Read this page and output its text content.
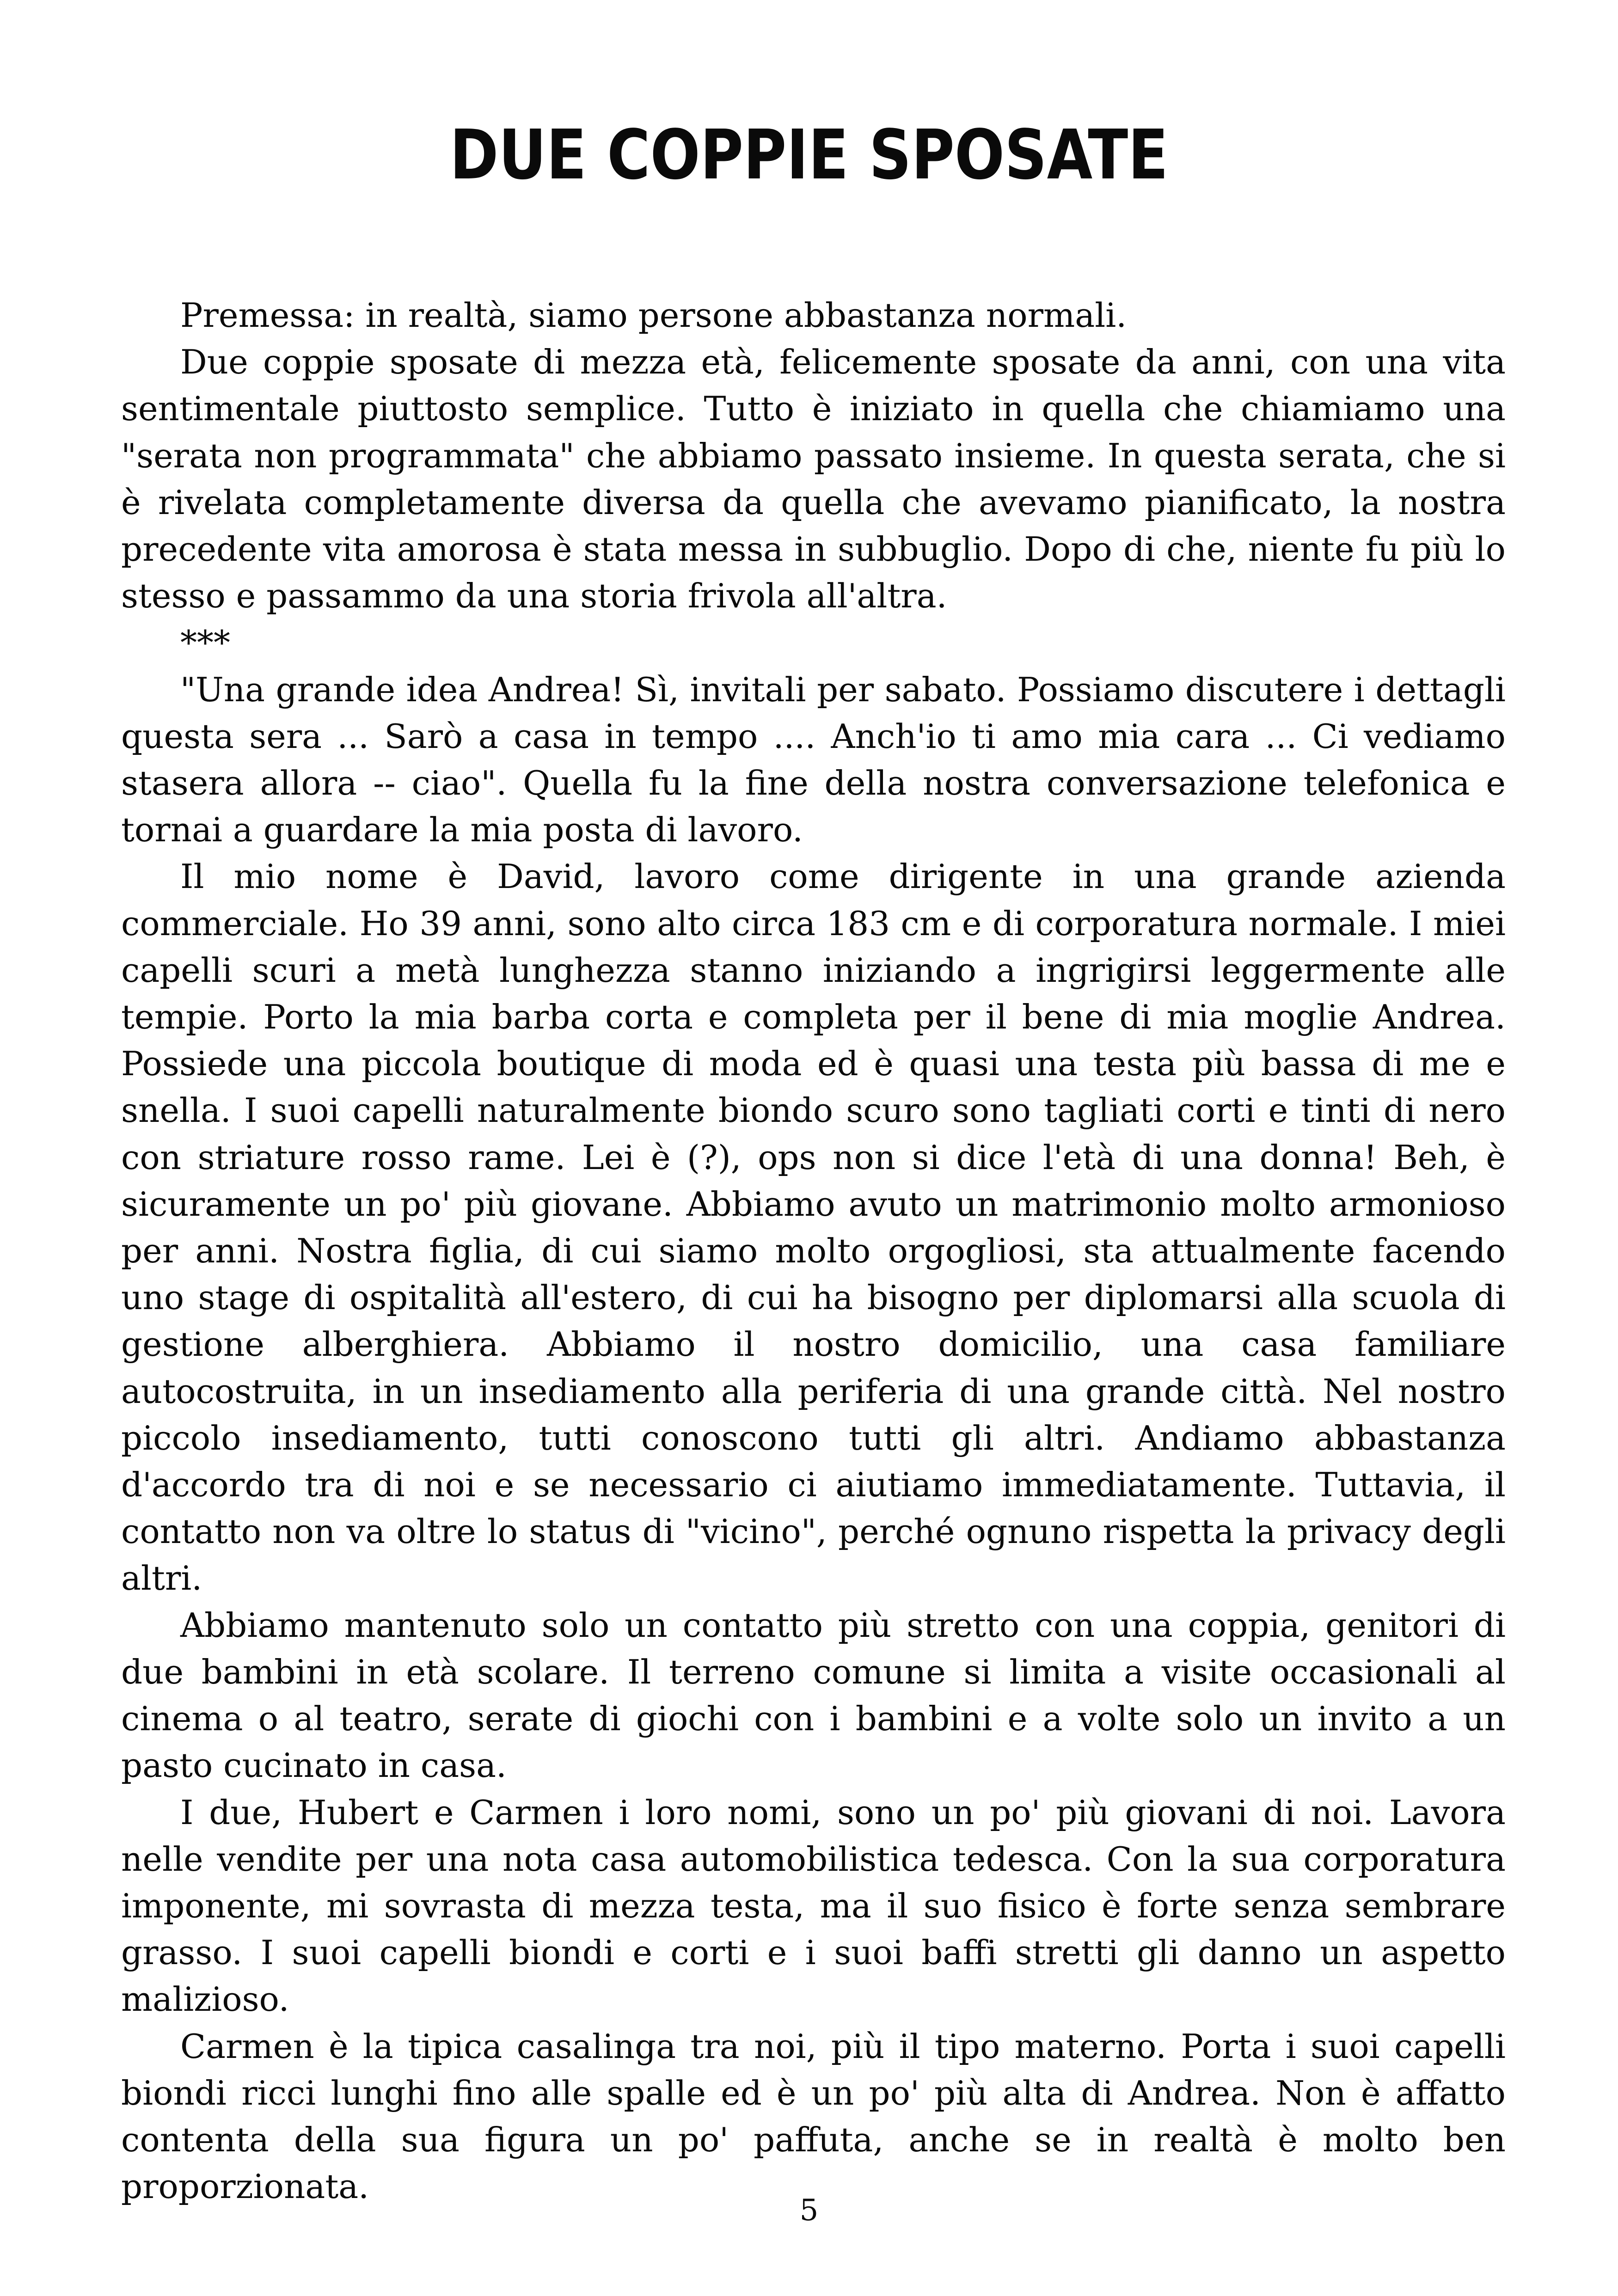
DUE COPPIE SPOSATE

Premessa: in realtà, siamo persone abbastanza normali.

Due coppie sposate di mezza età, felicemente sposate da anni, con una vita sentimentale piuttosto semplice. Tutto è iniziato in quella che chiamiamo una "serata non programmata" che abbiamo passato insieme. In questa serata, che si è rivelata completamente diversa da quella che avevamo pianificato, la nostra precedente vita amorosa è stata messa in subbuglio. Dopo di che, niente fu più lo stesso e passammo da una storia frivola all'altra.

***

"Una grande idea Andrea! Sì, invitali per sabato. Possiamo discutere i dettagli questa sera ... Sarò a casa in tempo .... Anch'io ti amo mia cara ... Ci vediamo stasera allora -- ciao". Quella fu la fine della nostra conversazione telefonica e tornai a guardare la mia posta di lavoro.

Il mio nome è David, lavoro come dirigente in una grande azienda commerciale. Ho 39 anni, sono alto circa 183 cm e di corporatura normale. I miei capelli scuri a metà lunghezza stanno iniziando a ingrigirsi leggermente alle tempie. Porto la mia barba corta e completa per il bene di mia moglie Andrea. Possiede una piccola boutique di moda ed è quasi una testa più bassa di me e snella. I suoi capelli naturalmente biondo scuro sono tagliati corti e tinti di nero con striature rosso rame. Lei è (?), ops non si dice l'età di una donna! Beh, è sicuramente un po' più giovane. Abbiamo avuto un matrimonio molto armonioso per anni. Nostra figlia, di cui siamo molto orgogliosi, sta attualmente facendo uno stage di ospitalità all'estero, di cui ha bisogno per diplomarsi alla scuola di gestione alberghiera. Abbiamo il nostro domicilio, una casa familiare autocostruita, in un insediamento alla periferia di una grande città. Nel nostro piccolo insediamento, tutti conoscono tutti gli altri. Andiamo abbastanza d'accordo tra di noi e se necessario ci aiutiamo immediatamente. Tuttavia, il contatto non va oltre lo status di "vicino", perché ognuno rispetta la privacy degli altri.

Abbiamo mantenuto solo un contatto più stretto con una coppia, genitori di due bambini in età scolare. Il terreno comune si limita a visite occasionali al cinema o al teatro, serate di giochi con i bambini e a volte solo un invito a un pasto cucinato in casa.

I due, Hubert e Carmen i loro nomi, sono un po' più giovani di noi. Lavora nelle vendite per una nota casa automobilistica tedesca. Con la sua corporatura imponente, mi sovrasta di mezza testa, ma il suo fisico è forte senza sembrare grasso. I suoi capelli biondi e corti e i suoi baffi stretti gli danno un aspetto malizioso.

Carmen è la tipica casalinga tra noi, più il tipo materno. Porta i suoi capelli biondi ricci lunghi fino alle spalle ed è un po' più alta di Andrea. Non è affatto contenta della sua figura un po' paffuta, anche se in realtà è molto ben proporzionata.

5
